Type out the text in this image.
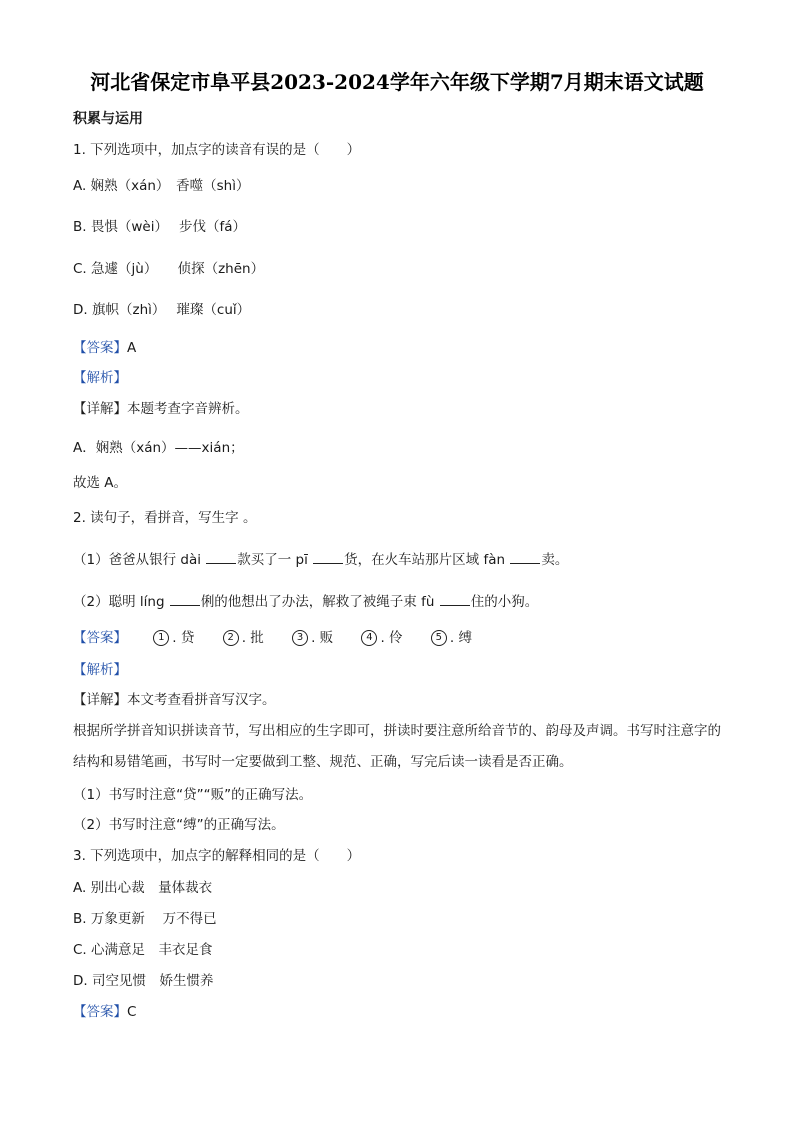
河北省保定市阜平县2023-2024学年六年级下学期7月期末语文试题
积累与运用
1. 下列选项中，加点字的读音有误的是（　　）
A. 娴熟（xán）　香噬（shì）
B. 畏惧（wèi）　 步伐（fá）
C. 急遽（jù）　　侦探（zhēn）
D. 旗帜（zhì）　 璀璨（cuǐ）
【答案】A
【解析】
【详解】本题考查字音辨析。
A．娴熟（xán）——xián；
故选 A。
2. 读句子，看拼音，写生字 。
（1）爸爸从银行 dài 款买了一 pī 货，在火车站那片区域 fàn 卖。
（2）聪明 líng 俐的他想出了办法，解救了被绳子束 fù 住的小狗。
【答案】	1 . 贷	2 . 批	3 . 贩	4 . 伶	5 . 缚
【解析】
【详解】本文考查看拼音写汉字。
根据所学拼音知识拼读音节，写出相应的生字即可，拼读时要注意所给音节的、韵母及声调。书写时注意字的结构和易错笔画，书写时一定要做到工整、规范、正确，写完后读一读看是否正确。
（1）书写时注意“贷”“贩”的正确写法。
（2）书写时注意“缚”的正确写法。
3. 下列选项中，加点字的解释相同的是（　　）
A. 别出心裁　量体裁衣
B. 万象更新　 万不得已
C. 心满意足　丰衣足食
D. 司空见惯　娇生惯养
【答案】C
